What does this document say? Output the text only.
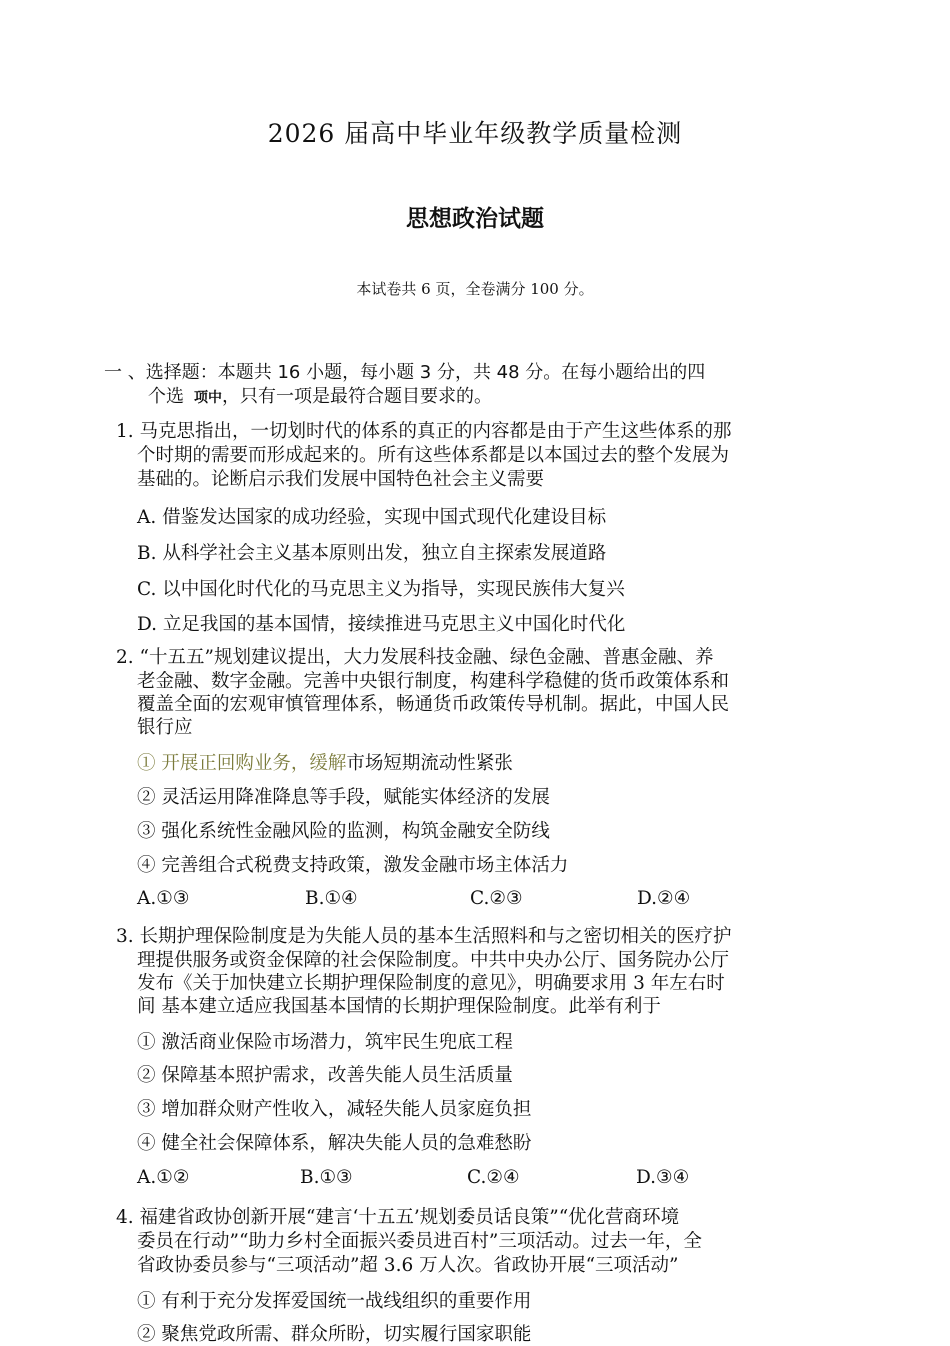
2026 届高中毕业年级教学质量检测
思想政治试题
本试卷共 6 页，全卷满分 100 分。
一 、选择题：本题共 16 小题，每小题 3 分，共 48 分。在每小题给出的四
个选 项中，只有一项是最符合题目要求的。
1. 马克思指出，一切划时代的体系的真正的内容都是由于产生这些体系的那
个时期的需要而形成起来的。所有这些体系都是以本国过去的整个发展为
基础的。论断启示我们发展中国特色社会主义需要
A. 借鉴发达国家的成功经验，实现中国式现代化建设目标
B. 从科学社会主义基本原则出发，独立自主探索发展道路
C. 以中国化时代化的马克思主义为指导，实现民族伟大复兴
D. 立足我国的基本国情，接续推进马克思主义中国化时代化
2. “十五五”规划建议提出，大力发展科技金融、绿色金融、普惠金融、养
老金融、数字金融。完善中央银行制度，构建科学稳健的货币政策体系和
覆盖全面的宏观审慎管理体系，畅通货币政策传导机制。据此，中国人民
银行应
① 开展正回购业务，缓解市场短期流动性紧张
② 灵活运用降准降息等手段，赋能实体经济的发展
③ 强化系统性金融风险的监测，构筑金融安全防线
④ 完善组合式税费支持政策，激发金融市场主体活力
A.①③	B.①④	C.②③	D.②④
3. 长期护理保险制度是为失能人员的基本生活照料和与之密切相关的医疗护
理提供服务或资金保障的社会保险制度。中共中央办公厅、国务院办公厅
发布《关于加快建立长期护理保险制度的意见》，明确要求用 3 年左右时
间 基本建立适应我国基本国情的长期护理保险制度。此举有利于
① 激活商业保险市场潜力，筑牢民生兜底工程
② 保障基本照护需求，改善失能人员生活质量
③ 增加群众财产性收入，减轻失能人员家庭负担
④ 健全社会保障体系，解决失能人员的急难愁盼
A.①②	B.①③	C.②④	D.③④
4. 福建省政协创新开展“建言‘十五五’规划委员话良策”“优化营商环境
委员在行动”“助力乡村全面振兴委员进百村”三项活动。过去一年，全
省政协委员参与“三项活动”超 3.6 万人次。省政协开展“三项活动”
① 有利于充分发挥爱国统一战线组织的重要作用
② 聚焦党政所需、群众所盼，切实履行国家职能
